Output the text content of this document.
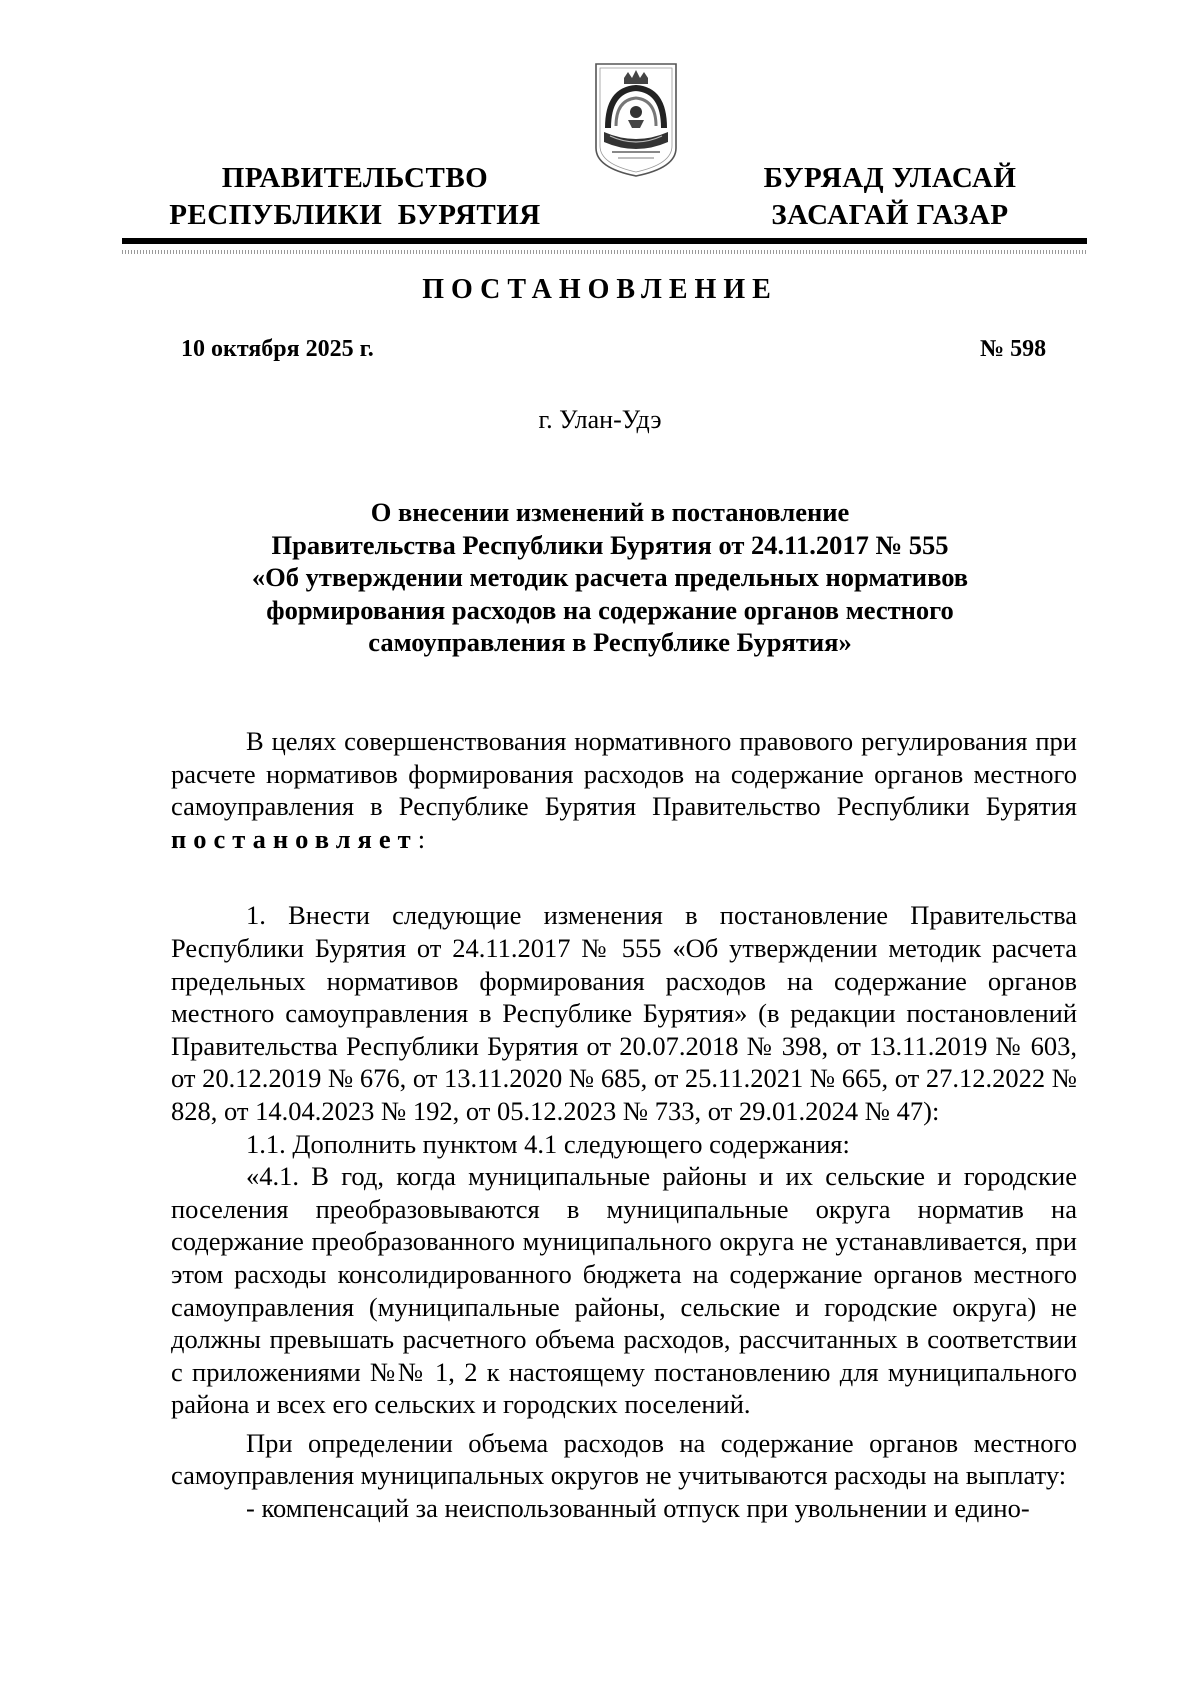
ПРАВИТЕЛЬСТВО
РЕСПУБЛИКИ  БУРЯТИЯ
БУРЯАД УЛАСАЙ
ЗАСАГАЙ ГАЗАР
ПОСТАНОВЛЕНИЕ
10 октября 2025 г.	№ 598
г. Улан-Удэ
О внесении изменений в постановление
Правительства Республики Бурятия от 24.11.2017 № 555
«Об утверждении методик расчета предельных нормативов
формирования расходов на содержание органов местного
самоуправления в Республике Бурятия»

В целях совершенствования нормативного правового регулирования при расчете нормативов формирования расходов на содержание органов местного самоуправления в Республике Бурятия Правительство Республики Бурятия постановляет:

1. Внести следующие изменения в постановление Правительства Республики Бурятия от 24.11.2017 № 555 «Об утверждении методик расчета предельных нормативов формирования расходов на содержание органов местного самоуправления в Республике Бурятия» (в редакции постановлений Правительства Республики Бурятия от 20.07.2018 № 398, от 13.11.2019 № 603, от 20.12.2019 № 676, от 13.11.2020 № 685, от 25.11.2021 № 665, от 27.12.2022 № 828, от 14.04.2023 № 192, от 05.12.2023 № 733, от 29.01.2024 № 47):

1.1. Дополнить пунктом 4.1 следующего содержания:

«4.1. В год, когда муниципальные районы и их сельские и городские поселения преобразовываются в муниципальные округа норматив на содержание преобразованного муниципального округа не устанавливается, при этом расходы консолидированного бюджета на содержание органов местного самоуправления (муниципальные районы, сельские и городские округа) не должны превышать расчетного объема расходов, рассчитанных в соответствии с приложениями №№ 1, 2 к настоящему постановлению для муниципального района и всех его сельских и городских поселений.

При определении объема расходов на содержание органов местного самоуправления муниципальных округов не учитываются расходы на выплату:

- компенсаций за неиспользованный отпуск при увольнении и едино-
